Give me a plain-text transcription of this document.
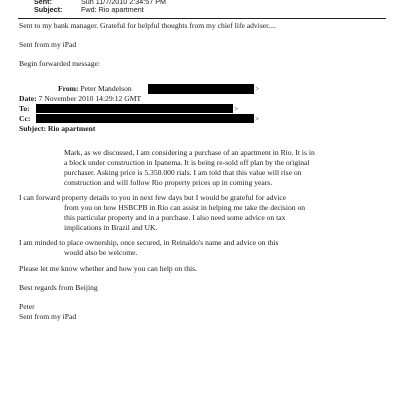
Sent:	Sun 11/7/2010 2:34:57 PM
Subject:	Fwd: Rio apartment
Sent to my bank manager. Grateful for helpful thoughts from my chief life adviser....
Sent from my iPad
Begin forwarded message:
From: Peter Mandelson	>
Date: 7 November 2010 14:29:12 GMT
To:	>
Cc:	>
Subject: Rio apartment
Mark, as we discussed, I am considering a purchase of an apartment in Rio. It is in
a block under construction in Ipanema. It is being re-sold off plan by the original
purchaser. Asking price is 5.350.000 rials. I am told that this value will rise on
construction and will follow Rio property prices up in coming years.
I can forward property details to you in next few days but I would be grateful for advice
from you on how HSBCPB in Rio can assist in helping me take the decision on
this particular property and in a purchase. I also need some advice on tax
implications in Brazil and UK.
I am minded to place ownership, once secured, in Reinaldo's name and advice on this
would also be welcome.
Please let me know whether and how you can help on this.
Best regards from Beijing
Peter
Sent from my iPad
